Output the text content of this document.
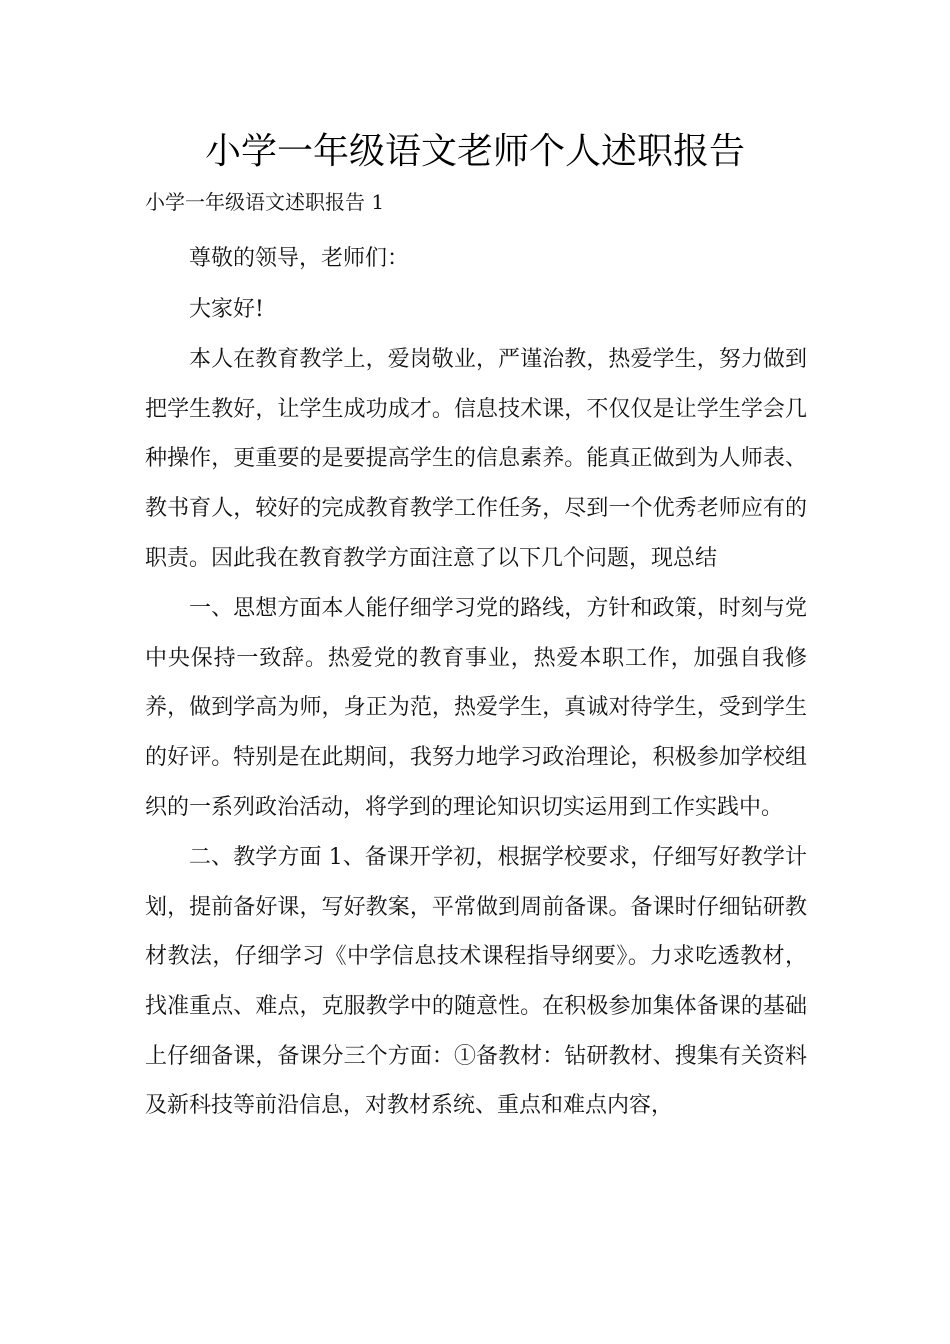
小学一年级语文老师个人述职报告
小学一年级语文述职报告 1

尊敬的领导，老师们：

大家好!

本人在教育教学上，爱岗敬业，严谨治教，热爱学生，努力做到把学生教好，让学生成功成才。信息技术课，不仅仅是让学生学会几种操作，更重要的是要提高学生的信息素养。能真正做到为人师表、教书育人，较好的完成教育教学工作任务，尽到一个优秀老师应有的职责。因此我在教育教学方面注意了以下几个问题，现总结

一、思想方面本人能仔细学习党的路线，方针和政策，时刻与党中央保持一致辞。热爱党的教育事业，热爱本职工作，加强自我修养，做到学高为师，身正为范，热爱学生，真诚对待学生，受到学生的好评。特别是在此期间，我努力地学习政治理论，积极参加学校组织的一系列政治活动，将学到的理论知识切实运用到工作实践中。

二、教学方面 1、备课开学初，根据学校要求，仔细写好教学计划，提前备好课，写好教案，平常做到周前备课。备课时仔细钻研教材教法，仔细学习《中学信息技术课程指导纲要》。力求吃透教材，找准重点、难点，克服教学中的随意性。在积极参加集体备课的基础上仔细备课，备课分三个方面：①备教材：钻研教材、搜集有关资料及新科技等前沿信息，对教材系统、重点和难点内容，
